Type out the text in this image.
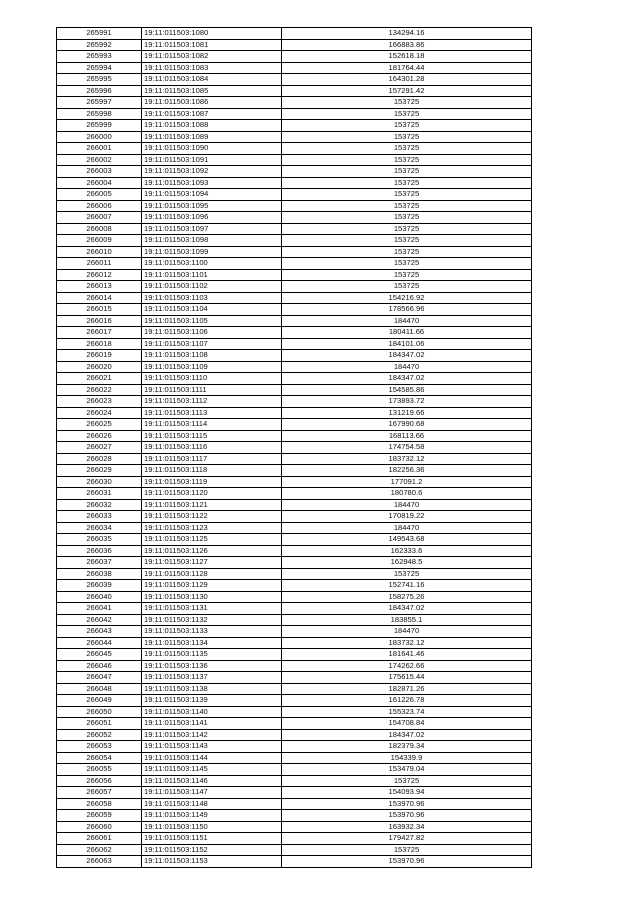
265991	19:11:011503:1080	134294.16
265992	19:11:011503:1081	166883.86
265993	19:11:011503:1082	152618.18
265994	19:11:011503:1083	181764.44
265995	19:11:011503:1084	164301.28
265996	19:11:011503:1085	157291.42
265997	19:11:011503:1086	153725
265998	19:11:011503:1087	153725
265999	19:11:011503:1088	153725
266000	19:11:011503:1089	153725
266001	19:11:011503:1090	153725
266002	19:11:011503:1091	153725
266003	19:11:011503:1092	153725
266004	19:11:011503:1093	153725
266005	19:11:011503:1094	153725
266006	19:11:011503:1095	153725
266007	19:11:011503:1096	153725
266008	19:11:011503:1097	153725
266009	19:11:011503:1098	153725
266010	19:11:011503:1099	153725
266011	19:11:011503:1100	153725
266012	19:11:011503:1101	153725
266013	19:11:011503:1102	153725
266014	19:11:011503:1103	154216.92
266015	19:11:011503:1104	178566.96
266016	19:11:011503:1105	184470
266017	19:11:011503:1106	180411.66
266018	19:11:011503:1107	184101.06
266019	19:11:011503:1108	184347.02
266020	19:11:011503:1109	184470
266021	19:11:011503:1110	184347.02
266022	19:11:011503:1111	154585.86
266023	19:11:011503:1112	173893.72
266024	19:11:011503:1113	131219.66
266025	19:11:011503:1114	167990.68
266026	19:11:011503:1115	168113.66
266027	19:11:011503:1116	174754.58
266028	19:11:011503:1117	183732.12
266029	19:11:011503:1118	182256.36
266030	19:11:011503:1119	177091.2
266031	19:11:011503:1120	180780.6
266032	19:11:011503:1121	184470
266033	19:11:011503:1122	170819.22
266034	19:11:011503:1123	184470
266035	19:11:011503:1125	149543.68
266036	19:11:011503:1126	162333.6
266037	19:11:011503:1127	162948.5
266038	19:11:011503:1128	153725
266039	19:11:011503:1129	152741.16
266040	19:11:011503:1130	158275.26
266041	19:11:011503:1131	184347.02
266042	19:11:011503:1132	183855.1
266043	19:11:011503:1133	184470
266044	19:11:011503:1134	183732.12
266045	19:11:011503:1135	181641.46
266046	19:11:011503:1136	174262.66
266047	19:11:011503:1137	175615.44
266048	19:11:011503:1138	182871.26
266049	19:11:011503:1139	161226.78
266050	19:11:011503:1140	155323.74
266051	19:11:011503:1141	154708.84
266052	19:11:011503:1142	184347.02
266053	19:11:011503:1143	182379.34
266054	19:11:011503:1144	154339.9
266055	19:11:011503:1145	153479.04
266056	19:11:011503:1146	153725
266057	19:11:011503:1147	154093.94
266058	19:11:011503:1148	153970.96
266059	19:11:011503:1149	153970.96
266060	19:11:011503:1150	163932.34
266061	19:11:011503:1151	179427.82
266062	19:11:011503:1152	153725
266063	19:11:011503:1153	153970.96
